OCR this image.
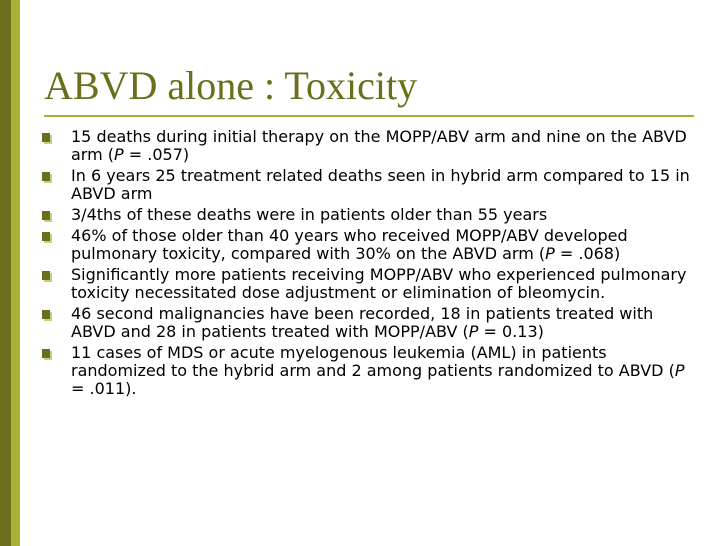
ABVD alone : Toxicity
15 deaths during initial therapy on the MOPP/ABV arm and nine on the ABVD arm (P = .057)
In 6 years 25 treatment related deaths seen in hybrid arm compared to 15 in ABVD arm
3/4ths of these deaths were in patients older than 55 years
46% of those older than 40 years who received MOPP/ABV developed pulmonary toxicity, compared with 30% on the ABVD arm (P = .068)
Significantly more patients receiving MOPP/ABV who experienced pulmonary toxicity necessitated dose adjustment or elimination of bleomycin.
46 second malignancies have been recorded, 18 in patients treated with ABVD and 28 in patients treated with MOPP/ABV (P = 0.13)
11 cases of MDS or acute myelogenous leukemia (AML) in patients randomized to the hybrid arm and 2 among patients randomized to ABVD (P = .011).
